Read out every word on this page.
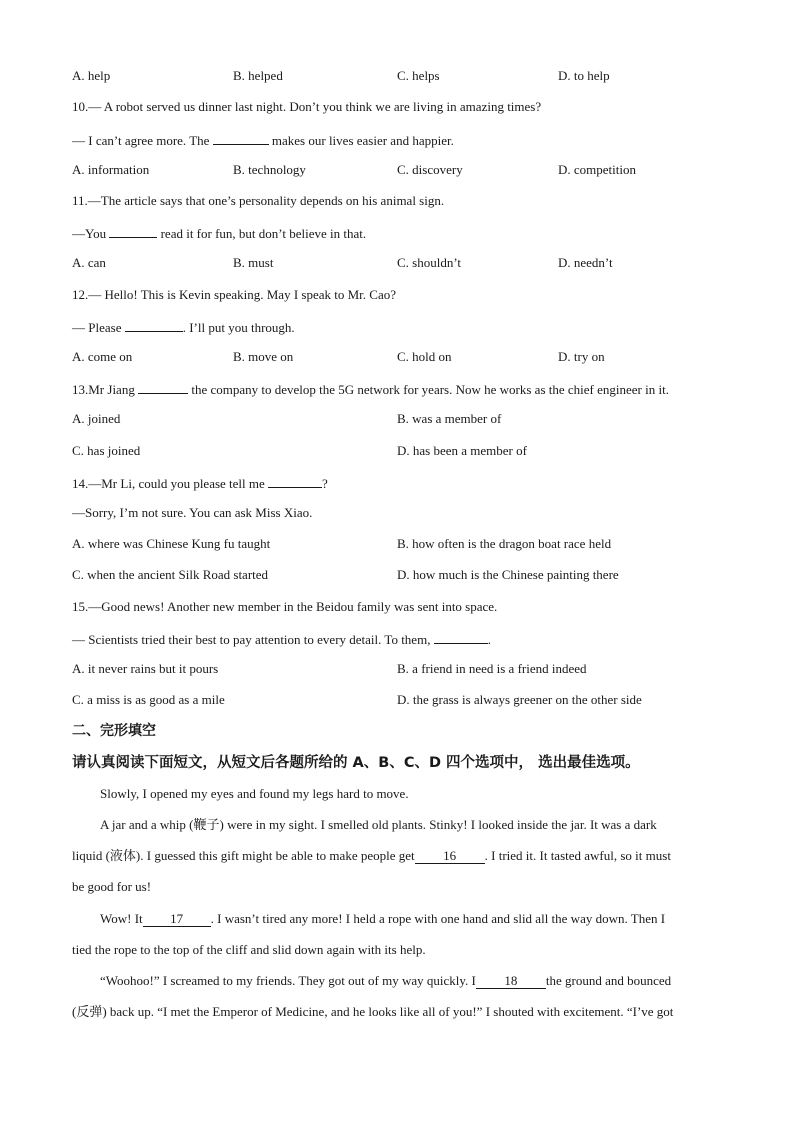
A. help	B. helped	C. helps	D. to help
10.— A robot served us dinner last night. Don’t you think we are living in amazing times?
— I can’t agree more. The	makes our lives easier and happier.
A. information	B. technology	C. discovery	D. competition
11.—The article says that one’s personality depends on his animal sign.
—You	read it for fun, but don’t believe in that.
A. can	B. must	C. shouldn’t	D. needn’t
12.— Hello! This is Kevin speaking. May I speak to Mr. Cao?
— Please	. I’ll put you through.
A. come on	B. move on	C. hold on	D. try on
13.Mr Jiang	the company to develop the 5G network for years. Now he works as the chief engineer in it.
A. joined	B. was a member of
C. has joined	D. has been a member of
14.—Mr Li, could you please tell me	?
—Sorry, I’m not sure. You can ask Miss Xiao.
A. where was Chinese Kung fu taught	B. how often is the dragon boat race held
C. when the ancient Silk Road started	D. how much is the Chinese painting there
15.—Good news! Another new member in the Beidou family was sent into space.
— Scientists tried their best to pay attention to every detail. To them,	.
A. it never rains but it pours	B. a friend in need is a friend indeed
C. a miss is as good as a mile	D. the grass is always greener on the other side
二、完形填空
请认真阅读下面短文，从短文后各题所给的 A、B、C、D 四个选项中， 选出最佳选项。
Slowly, I opened my eyes and found my legs hard to move.
A jar and a whip (鞭子) were in my sight. I smelled old plants. Stinky! I looked inside the jar. It was a dark
liquid (液体). I guessed this gift might be able to make people get 16 . I tried it. It tasted awful, so it must
be good for us!
Wow! It 17 . I wasn’t tired any more! I held a rope with one hand and slid all the way down. Then I
tied the rope to the top of the cliff and slid down again with its help.
“Woohoo!” I screamed to my friends. They got out of my way quickly. I 18 the ground and bounced
(反弹) back up. “I met the Emperor of Medicine, and he looks like all of you!” I shouted with excitement. “I’ve got
